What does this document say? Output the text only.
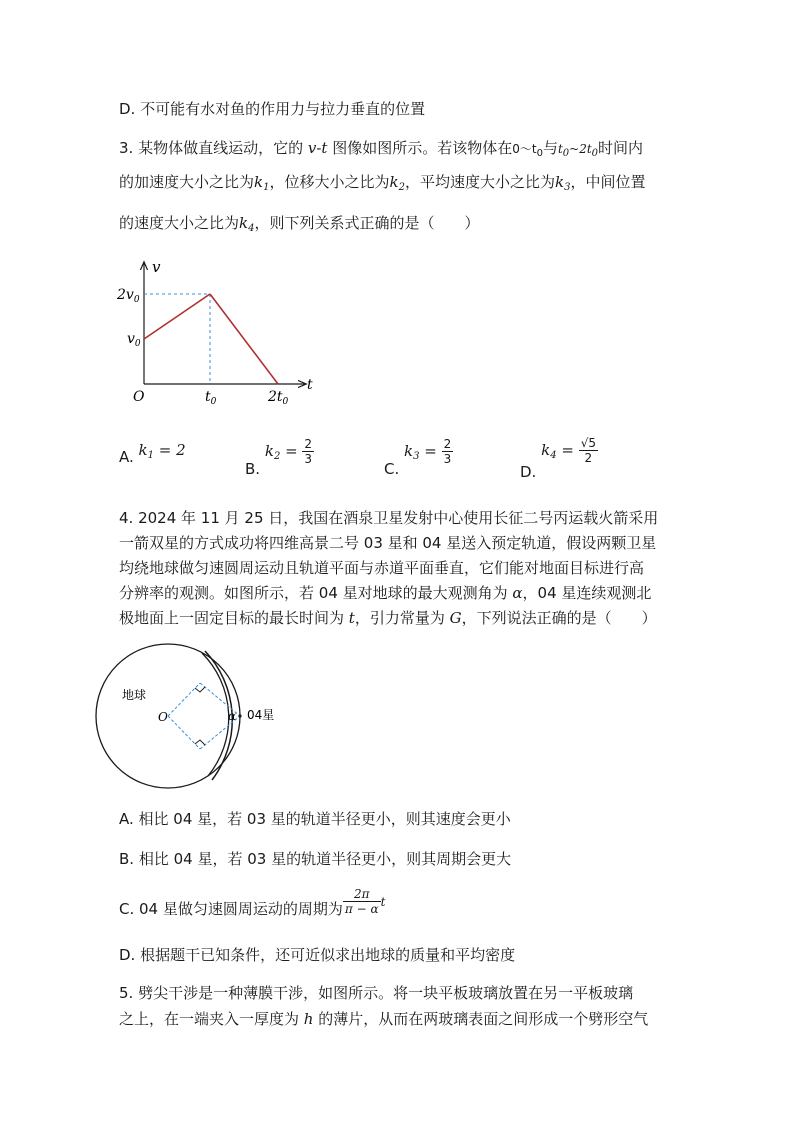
D. 不可能有水对鱼的作用力与拉力垂直的位置
3. 某物体做直线运动，它的 v-t 图像如图所示。若该物体在$0\sim t_0$与$t_0\sim 2t_0$时间内
的加速度大小之比为$k_1$，位移大小之比为$k_2$，平均速度大小之比为$k_3$，中间位置
的速度大小之比为$k_4$，则下列关系式正确的是（　　）
v
t
O
$2v_0$
$v_0$
$t_0$	$2t_0$
A. $k_1 = 2$
B. $k_2 = \frac{2}{3}$
C. $k_3 = \frac{2}{3}$
D. $k_4 = \frac{√5}{2}$
4. 2024 年 11 月 25 日，我国在酒泉卫星发射中心使用长征二号丙运载火箭采用
一箭双星的方式成功将四维高景二号 03 星和 04 星送入预定轨道，假设两颗卫星
均绕地球做匀速圆周运动且轨道平面与赤道平面垂直，它们能对地面目标进行高
分辨率的观测。如图所示，若 04 星对地球的最大观测角为 α，04 星连续观测北
极地面上一固定目标的最长时间为 t，引力常量为 G，下列说法正确的是（　　）
地球
O	α 04星
A. 相比 04 星，若 03 星的轨道半径更小，则其速度会更小
B. 相比 04 星，若 03 星的轨道半径更小，则其周期会更大
C. 04 星做匀速圆周运动的周期为 $\frac{2\pi}{\pi - \alpha} ^t$
D. 根据题干已知条件，还可近似求出地球的质量和平均密度
5. 劈尖干涉是一种薄膜干涉，如图所示。将一块平板玻璃放置在另一平板玻璃
之上，在一端夹入一厚度为 h 的薄片，从而在两玻璃表面之间形成一个劈形空气
